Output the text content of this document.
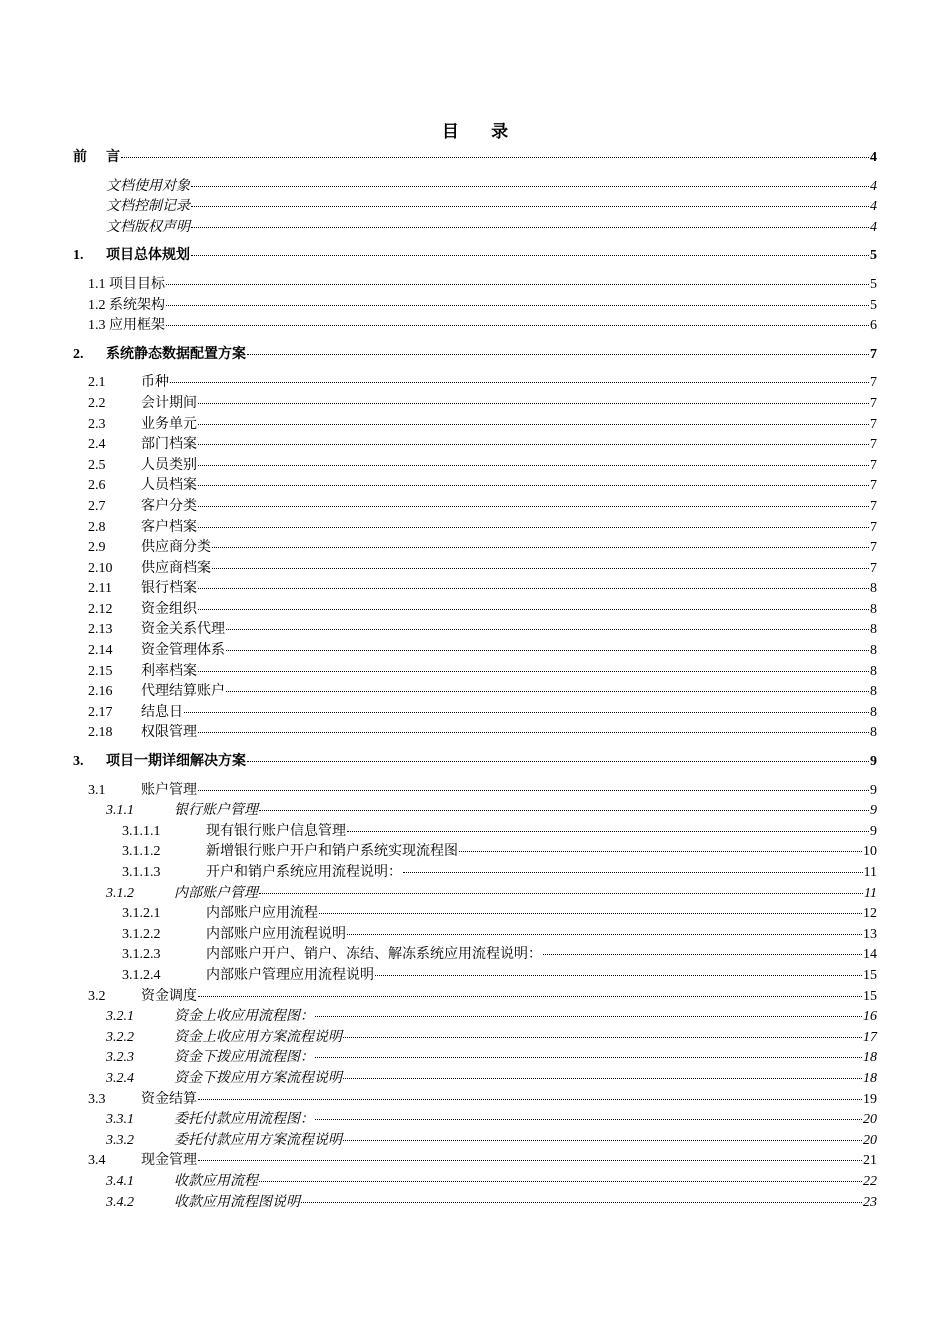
目 录
前	言	4
文档使用对象	4
文档控制记录	4
文档版权声明	4
1.	项目总体规划	5
1.1 项目目标	5
1.2 系统架构	5
1.3 应用框架	6
2.	系统静态数据配置方案	7
2.1	币种	7
2.2	会计期间	7
2.3	业务单元	7
2.4	部门档案	7
2.5	人员类别	7
2.6	人员档案	7
2.7	客户分类	7
2.8	客户档案	7
2.9	供应商分类	7
2.10	供应商档案	7
2.11	银行档案	8
2.12	资金组织	8
2.13	资金关系代理	8
2.14	资金管理体系	8
2.15	利率档案	8
2.16	代理结算账户	8
2.17	结息日	8
2.18	权限管理	8
3.	项目一期详细解决方案	9
3.1	账户管理	9
3.1.1	银行账户管理	9
3.1.1.1	现有银行账户信息管理	9
3.1.1.2	新增银行账户开户和销户系统实现流程图	10
3.1.1.3	开户和销户系统应用流程说明：	11
3.1.2	内部账户管理	11
3.1.2.1	内部账户应用流程	12
3.1.2.2	内部账户应用流程说明	13
3.1.2.3	内部账户开户、销户、冻结、解冻系统应用流程说明：	14
3.1.2.4	内部账户管理应用流程说明	15
3.2	资金调度	15
3.2.1	资金上收应用流程图：	16
3.2.2	资金上收应用方案流程说明	17
3.2.3	资金下拨应用流程图：	18
3.2.4	资金下拨应用方案流程说明	18
3.3	资金结算	19
3.3.1	委托付款应用流程图：	20
3.3.2	委托付款应用方案流程说明	20
3.4	现金管理	21
3.4.1	收款应用流程	22
3.4.2	收款应用流程图说明	23
